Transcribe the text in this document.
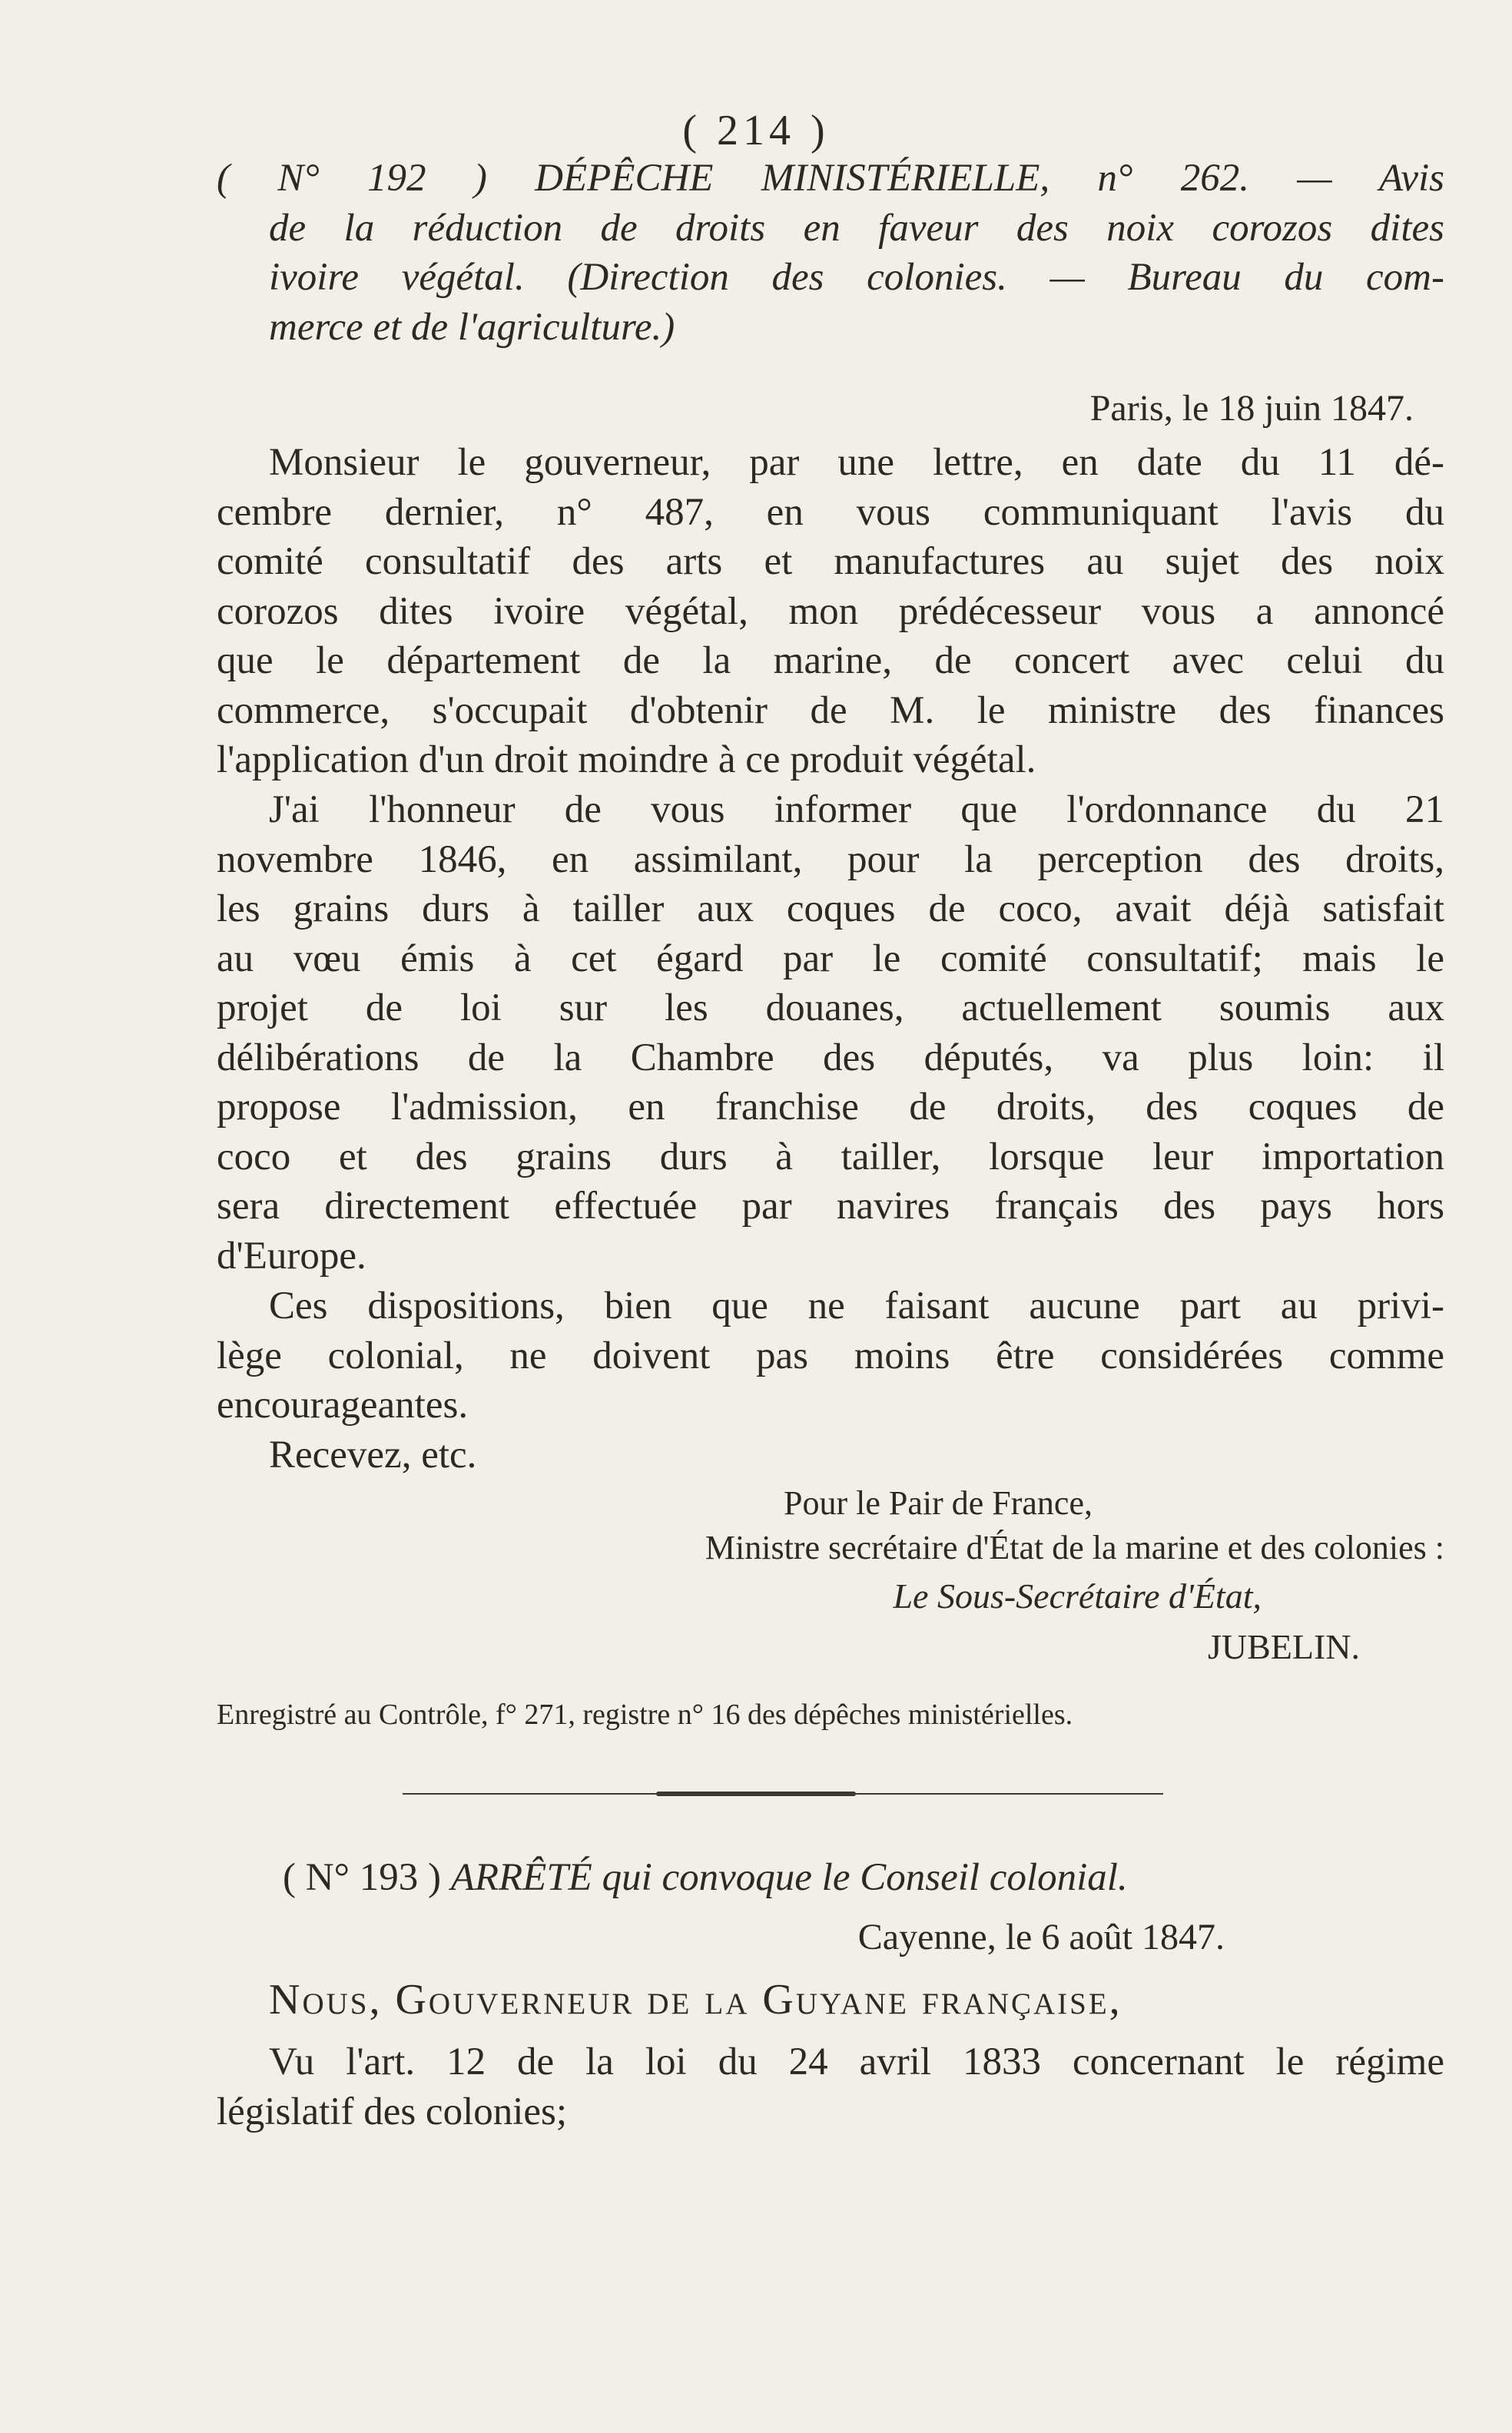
( 214 )
( N° 192 ) DÉPÊCHE MINISTÉRIELLE, n° 262. — Avis
de la réduction de droits en faveur des noix corozos dites
ivoire végétal. (Direction des colonies. — Bureau du com-
merce et de l'agriculture.)
Paris, le 18 juin 1847.
Monsieur le gouverneur, par une lettre, en date du 11 dé-
cembre dernier, n° 487, en vous communiquant l'avis du
comité consultatif des arts et manufactures au sujet des noix
corozos dites ivoire végétal, mon prédécesseur vous a annoncé
que le département de la marine, de concert avec celui du
commerce, s'occupait d'obtenir de M. le ministre des finances
l'application d'un droit moindre à ce produit végétal.
J'ai l'honneur de vous informer que l'ordonnance du 21
novembre 1846, en assimilant, pour la perception des droits,
les grains durs à tailler aux coques de coco, avait déjà satisfait
au vœu émis à cet égard par le comité consultatif; mais le
projet de loi sur les douanes, actuellement soumis aux
délibérations de la Chambre des députés, va plus loin: il
propose l'admission, en franchise de droits, des coques de
coco et des grains durs à tailler, lorsque leur importation
sera directement effectuée par navires français des pays hors
d'Europe.
Ces dispositions, bien que ne faisant aucune part au privi-
lège colonial, ne doivent pas moins être considérées comme
encourageantes.
Recevez, etc.
Pour le Pair de France,
Ministre secrétaire d'État de la marine et des colonies :
Le Sous-Secrétaire d'État,
JUBELIN.
Enregistré au Contrôle, f° 271, registre n° 16 des dépêches ministérielles.
( N° 193 ) ARRÊTÉ qui convoque le Conseil colonial.
Cayenne, le 6 août 1847.
Nous, Gouverneur de la Guyane française,
Vu l'art. 12 de la loi du 24 avril 1833 concernant le régime
législatif des colonies;
